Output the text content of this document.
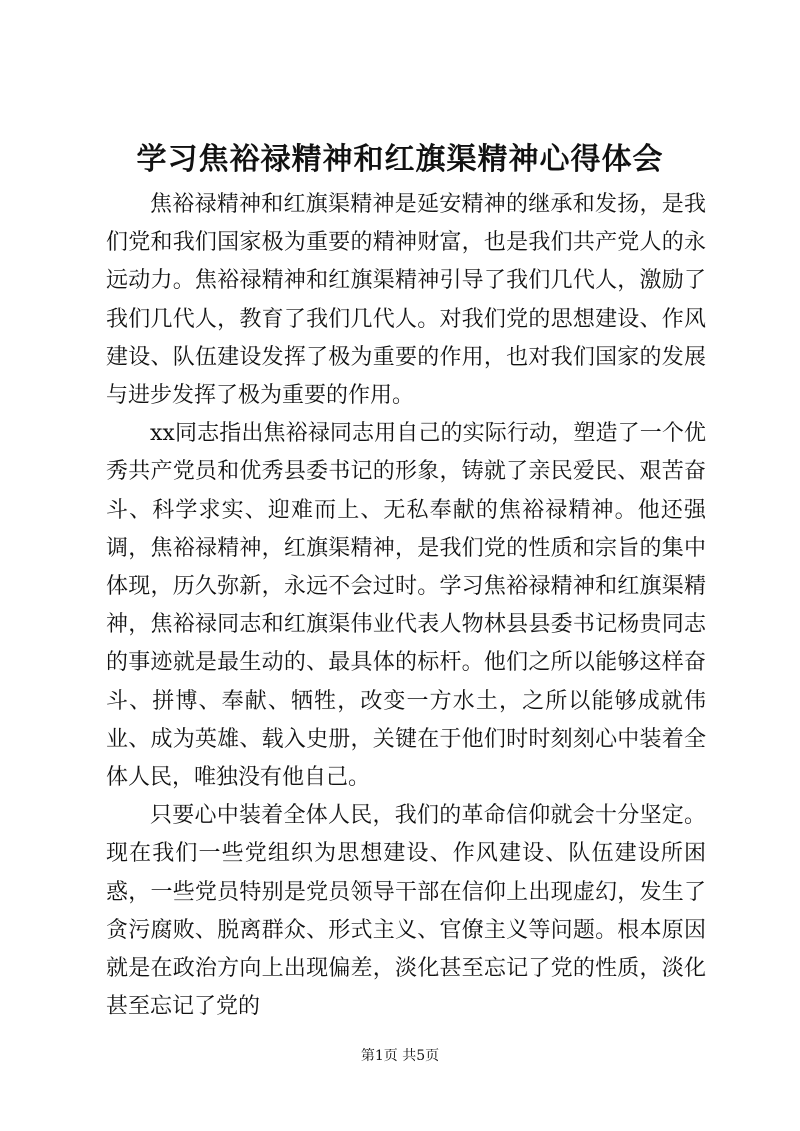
学习焦裕禄精神和红旗渠精神心得体会

焦裕禄精神和红旗渠精神是延安精神的继承和发扬，是我们党和我们国家极为重要的精神财富，也是我们共产党人的永远动力。焦裕禄精神和红旗渠精神引导了我们几代人，激励了我们几代人，教育了我们几代人。对我们党的思想建设、作风建设、队伍建设发挥了极为重要的作用，也对我们国家的发展与进步发挥了极为重要的作用。

xx同志指出焦裕禄同志用自己的实际行动，塑造了一个优秀共产党员和优秀县委书记的形象，铸就了亲民爱民、艰苦奋斗、科学求实、迎难而上、无私奉献的焦裕禄精神。他还强调，焦裕禄精神，红旗渠精神，是我们党的性质和宗旨的集中体现，历久弥新，永远不会过时。学习焦裕禄精神和红旗渠精神，焦裕禄同志和红旗渠伟业代表人物林县县委书记杨贵同志的事迹就是最生动的、最具体的标杆。他们之所以能够这样奋斗、拼博、奉献、牺牲，改变一方水土，之所以能够成就伟业、成为英雄、载入史册，关键在于他们时时刻刻心中装着全体人民，唯独没有他自己。

只要心中装着全体人民，我们的革命信仰就会十分坚定。现在我们一些党组织为思想建设、作风建设、队伍建设所困惑，一些党员特别是党员领导干部在信仰上出现虚幻，发生了贪污腐败、脱离群众、形式主义、官僚主义等问题。根本原因就是在政治方向上出现偏差，淡化甚至忘记了党的性质，淡化甚至忘记了党的

第1页 共5页
